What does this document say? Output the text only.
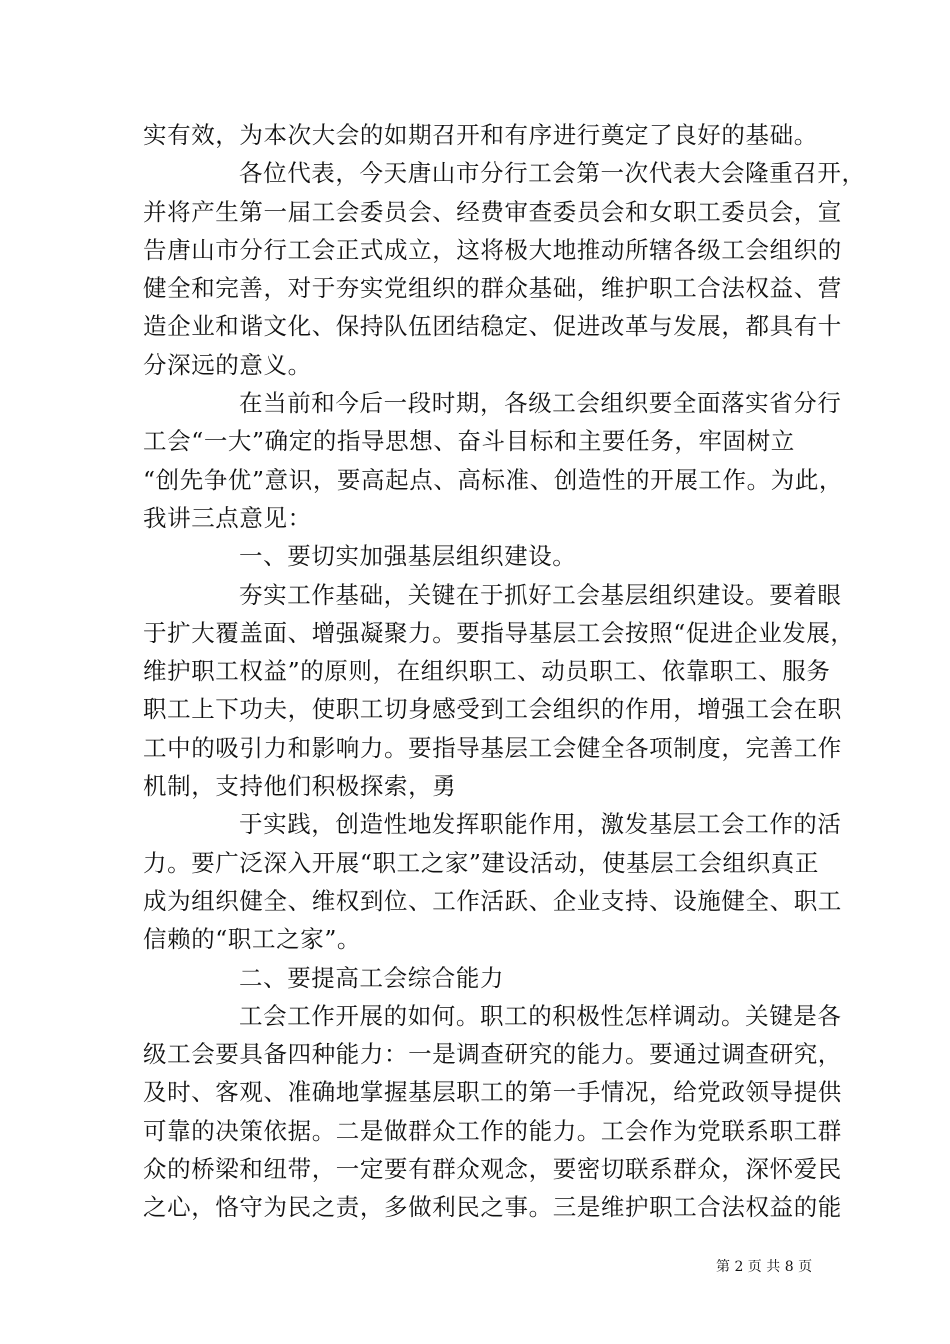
实有效，为本次大会的如期召开和有序进行奠定了良好的基础。
各位代表，今天唐山市分行工会第一次代表大会隆重召开，
并将产生第一届工会委员会、经费审查委员会和女职工委员会，宣
告唐山市分行工会正式成立，这将极大地推动所辖各级工会组织的
健全和完善，对于夯实党组织的群众基础，维护职工合法权益、营
造企业和谐文化、保持队伍团结稳定、促进改革与发展，都具有十
分深远的意义。
在当前和今后一段时期，各级工会组织要全面落实省分行
工会“一大”确定的指导思想、奋斗目标和主要任务，牢固树立
“创先争优”意识，要高起点、高标准、创造性的开展工作。为此，
我讲三点意见：
一、要切实加强基层组织建设。
夯实工作基础，关键在于抓好工会基层组织建设。要着眼
于扩大覆盖面、增强凝聚力。要指导基层工会按照“促进企业发展，
维护职工权益”的原则，在组织职工、动员职工、依靠职工、服务
职工上下功夫，使职工切身感受到工会组织的作用，增强工会在职
工中的吸引力和影响力。要指导基层工会健全各项制度，完善工作
机制，支持他们积极探索，勇
于实践，创造性地发挥职能作用，激发基层工会工作的活
力。要广泛深入开展“职工之家”建设活动，使基层工会组织真正
成为组织健全、维权到位、工作活跃、企业支持、设施健全、职工
信赖的“职工之家”。
二、要提高工会综合能力
工会工作开展的如何。职工的积极性怎样调动。关键是各
级工会要具备四种能力：一是调查研究的能力。要通过调查研究，
及时、客观、准确地掌握基层职工的第一手情况，给党政领导提供
可靠的决策依据。二是做群众工作的能力。工会作为党联系职工群
众的桥梁和纽带，一定要有群众观念，要密切联系群众，深怀爱民
之心，恪守为民之责，多做利民之事。三是维护职工合法权益的能
第 2 页 共 8 页
